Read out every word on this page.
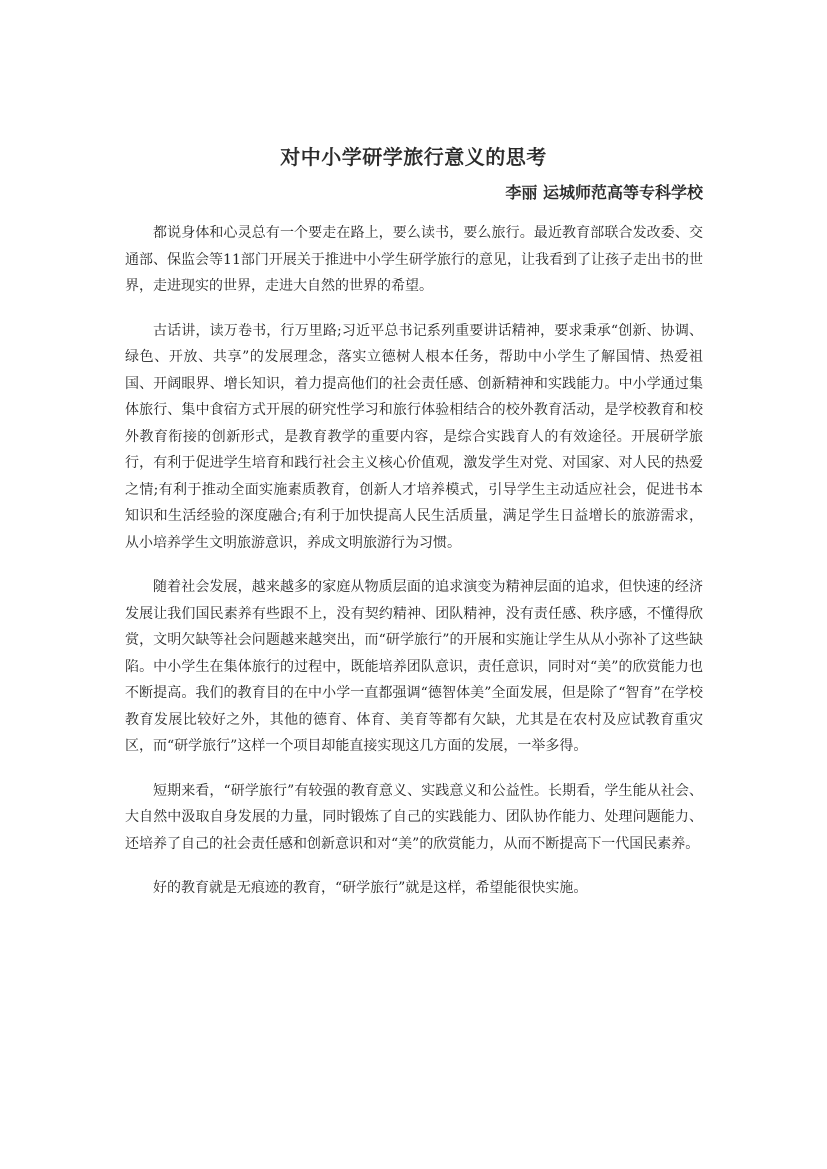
对中小学研学旅行意义的思考

李丽 运城师范高等专科学校

都说身体和心灵总有一个要走在路上，要么读书，要么旅行。最近教育部联合发改委、交通部、保监会等11部门开展关于推进中小学生研学旅行的意见，让我看到了让孩子走出书的世界，走进现实的世界，走进大自然的世界的希望。

古话讲，读万卷书，行万里路;习近平总书记系列重要讲话精神，要求秉承“创新、协调、绿色、开放、共享”的发展理念，落实立德树人根本任务，帮助中小学生了解国情、热爱祖国、开阔眼界、增长知识，着力提高他们的社会责任感、创新精神和实践能力。中小学通过集体旅行、集中食宿方式开展的研究性学习和旅行体验相结合的校外教育活动，是学校教育和校外教育衔接的创新形式，是教育教学的重要内容，是综合实践育人的有效途径。开展研学旅行，有利于促进学生培育和践行社会主义核心价值观，激发学生对党、对国家、对人民的热爱之情;有利于推动全面实施素质教育，创新人才培养模式，引导学生主动适应社会，促进书本知识和生活经验的深度融合;有利于加快提高人民生活质量，满足学生日益增长的旅游需求，从小培养学生文明旅游意识，养成文明旅游行为习惯。

随着社会发展，越来越多的家庭从物质层面的追求演变为精神层面的追求，但快速的经济发展让我们国民素养有些跟不上，没有契约精神、团队精神，没有责任感、秩序感，不懂得欣赏，文明欠缺等社会问题越来越突出，而“研学旅行”的开展和实施让学生从从小弥补了这些缺陷。中小学生在集体旅行的过程中，既能培养团队意识，责任意识，同时对“美”的欣赏能力也不断提高。我们的教育目的在中小学一直都强调“德智体美”全面发展，但是除了“智育”在学校教育发展比较好之外，其他的德育、体育、美育等都有欠缺，尤其是在农村及应试教育重灾区，而“研学旅行”这样一个项目却能直接实现这几方面的发展，一举多得。

短期来看，“研学旅行”有较强的教育意义、实践意义和公益性。长期看，学生能从社会、大自然中汲取自身发展的力量，同时锻炼了自己的实践能力、团队协作能力、处理问题能力、还培养了自己的社会责任感和创新意识和对“美”的欣赏能力，从而不断提高下一代国民素养。

好的教育就是无痕迹的教育，“研学旅行”就是这样，希望能很快实施。
